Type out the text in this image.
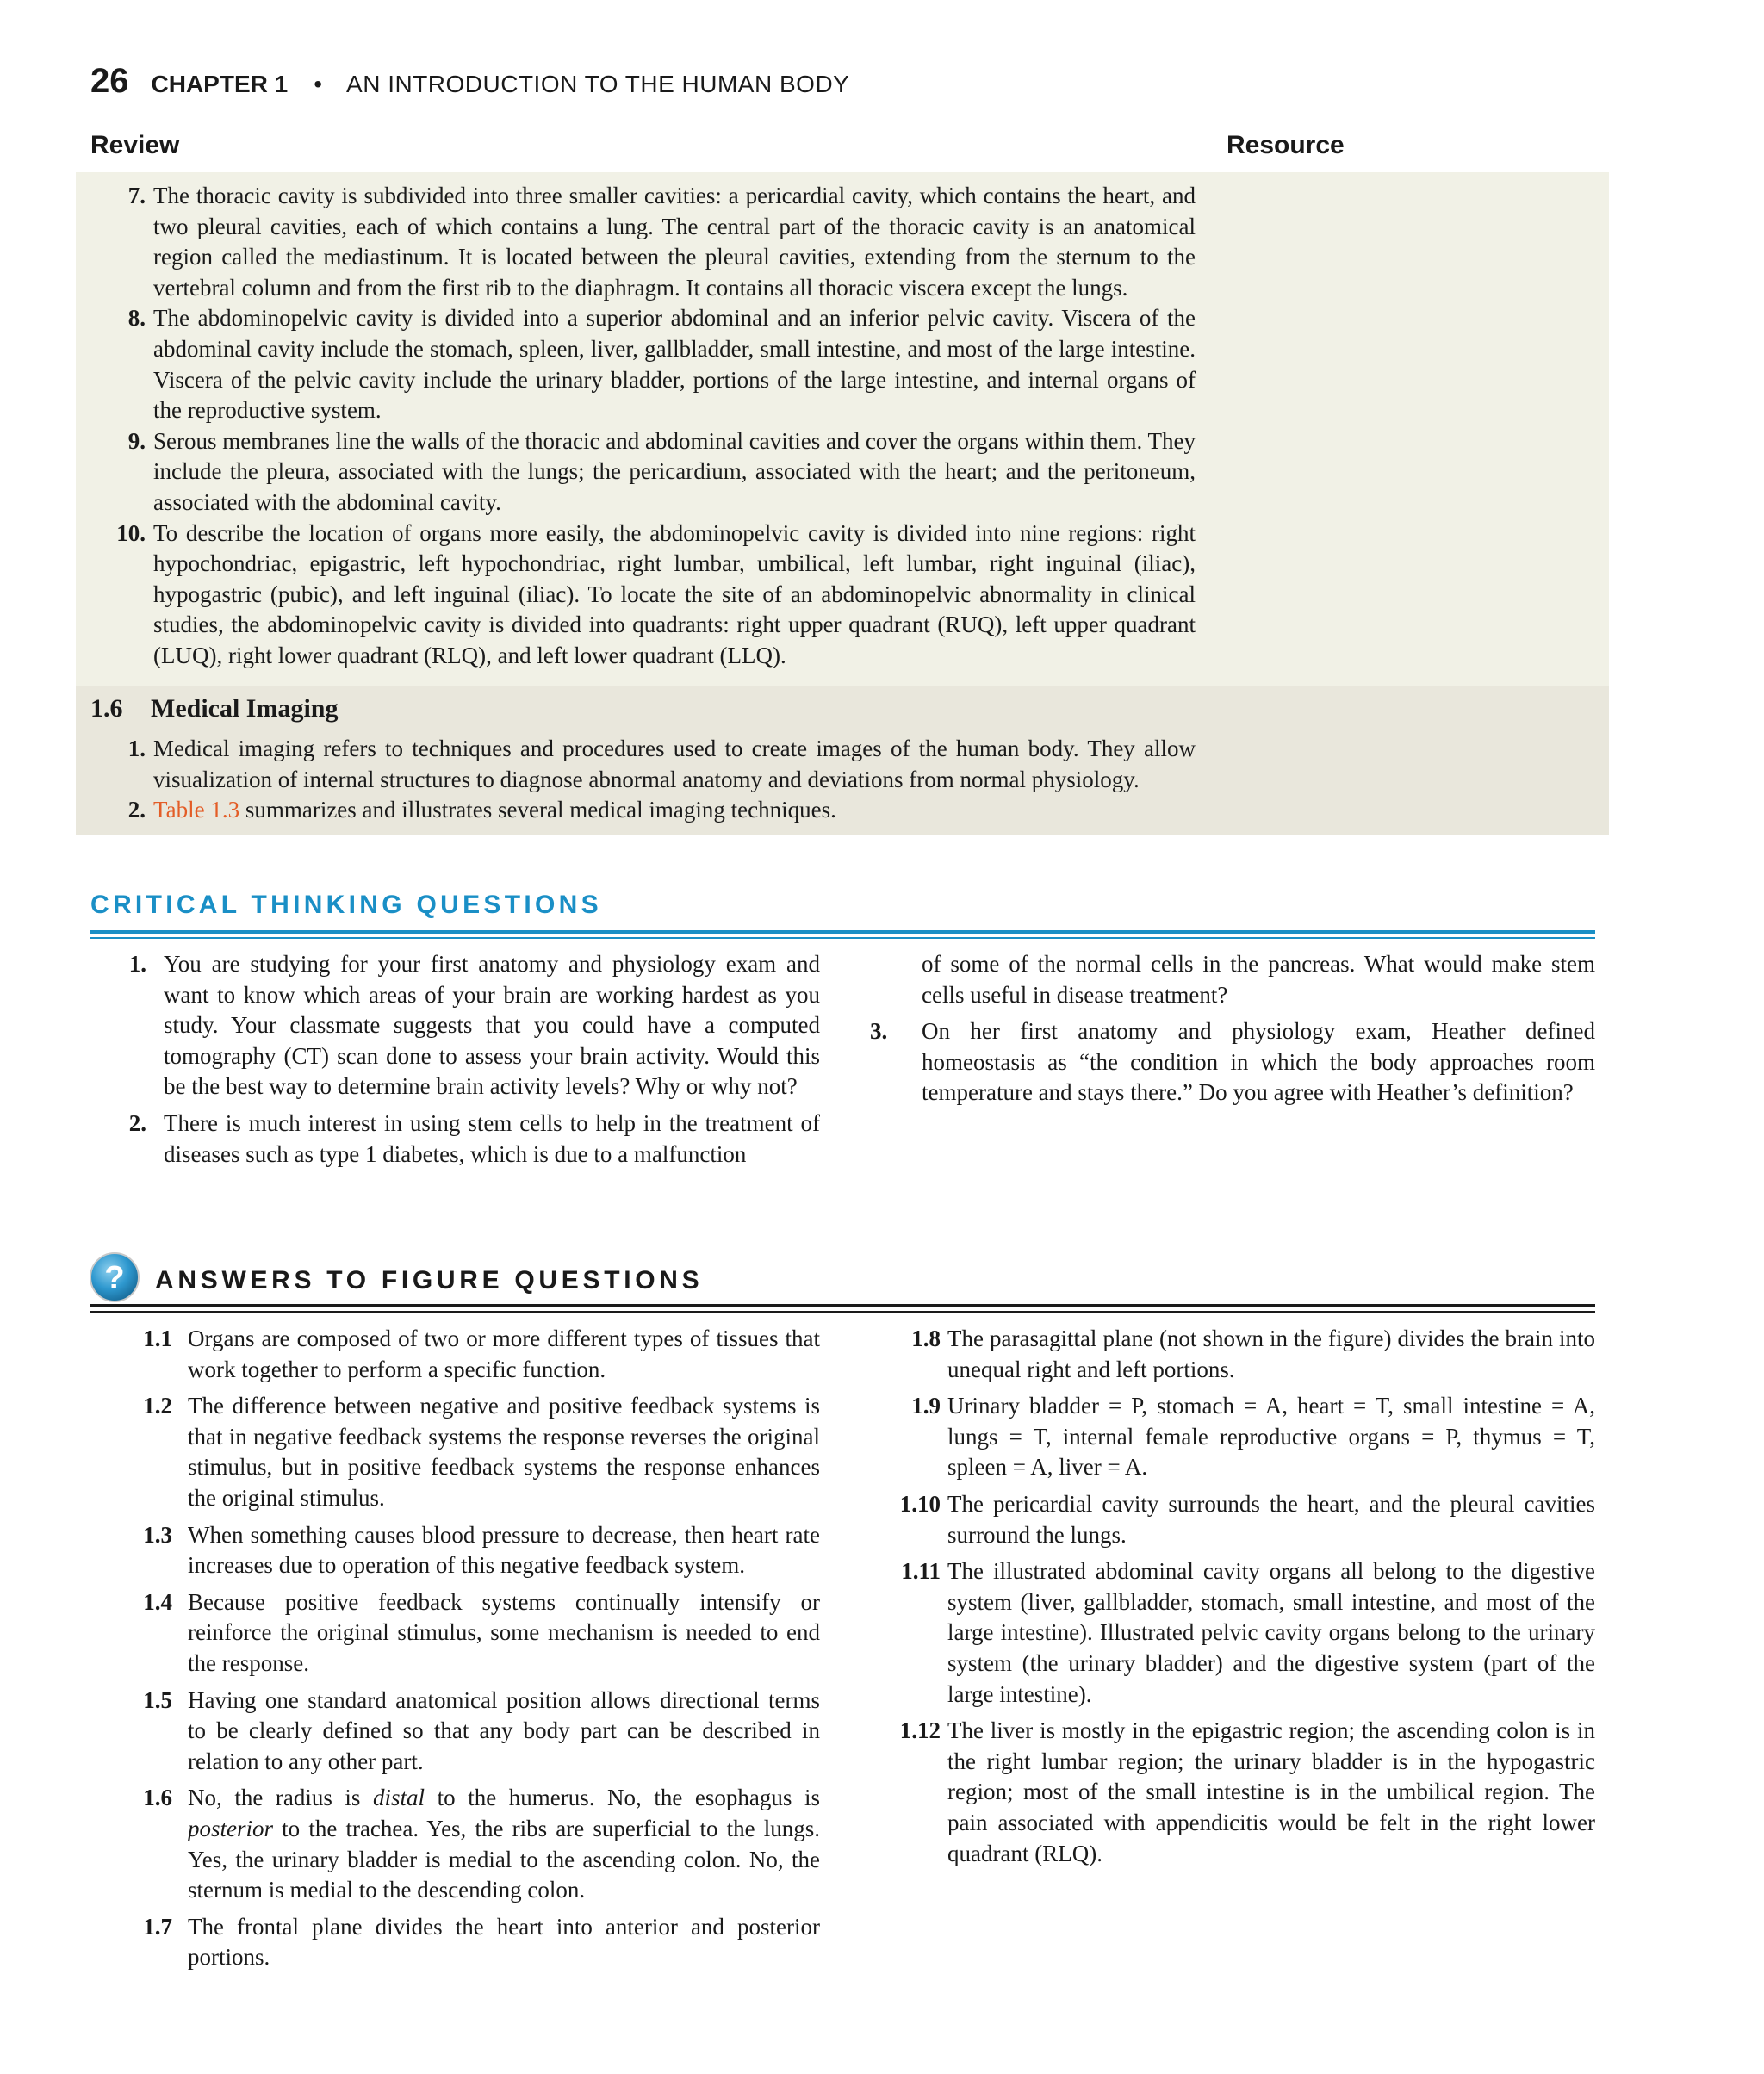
26 CHAPTER 1 • AN INTRODUCTION TO THE HUMAN BODY
Review	Resource
7. The thoracic cavity is subdivided into three smaller cavities: a pericardial cavity, which contains the heart, and two pleural cavities, each of which contains a lung. The central part of the thoracic cavity is an anatomical region called the mediastinum. It is located between the pleural cavities, extending from the sternum to the vertebral column and from the first rib to the diaphragm. It contains all thoracic viscera except the lungs.
8. The abdominopelvic cavity is divided into a superior abdominal and an inferior pelvic cavity. Viscera of the abdominal cavity include the stomach, spleen, liver, gallbladder, small intestine, and most of the large intestine. Viscera of the pelvic cavity include the urinary bladder, portions of the large intestine, and internal organs of the reproductive system.
9. Serous membranes line the walls of the thoracic and abdominal cavities and cover the organs within them. They include the pleura, associated with the lungs; the pericardium, associated with the heart; and the peritoneum, associated with the abdominal cavity.
10. To describe the location of organs more easily, the abdominopelvic cavity is divided into nine regions: right hypochondriac, epigastric, left hypochondriac, right lumbar, umbilical, left lumbar, right inguinal (iliac), hypogastric (pubic), and left inguinal (iliac). To locate the site of an abdominopelvic abnormality in clinical studies, the abdominopelvic cavity is divided into quadrants: right upper quadrant (RUQ), left upper quadrant (LUQ), right lower quadrant (RLQ), and left lower quadrant (LLQ).
1.6 Medical Imaging
1. Medical imaging refers to techniques and procedures used to create images of the human body. They allow visualization of internal structures to diagnose abnormal anatomy and deviations from normal physiology.
2. Table 1.3 summarizes and illustrates several medical imaging techniques.
CRITICAL THINKING QUESTIONS
1. You are studying for your first anatomy and physiology exam and want to know which areas of your brain are working hardest as you study. Your classmate suggests that you could have a computed tomography (CT) scan done to assess your brain activity. Would this be the best way to determine brain activity levels? Why or why not?
2. There is much interest in using stem cells to help in the treatment of diseases such as type 1 diabetes, which is due to a malfunction
of some of the normal cells in the pancreas. What would make stem cells useful in disease treatment?
3.	On her first anatomy and physiology exam, Heather defined homeostasis as “the condition in which the body approaches room temperature and stays there.” Do you agree with Heather’s definition?
? ANSWERS TO FIGURE QUESTIONS
1.1 Organs are composed of two or more different types of tissues that work together to perform a specific function.
1.2 The difference between negative and positive feedback systems is that in negative feedback systems the response reverses the original stimulus, but in positive feedback systems the response enhances the original stimulus.
1.3 When something causes blood pressure to decrease, then heart rate increases due to operation of this negative feedback system.
1.4 Because positive feedback systems continually intensify or reinforce the original stimulus, some mechanism is needed to end the response.
1.5 Having one standard anatomical position allows directional terms to be clearly defined so that any body part can be described in relation to any other part.
1.6 No, the radius is distal to the humerus. No, the esophagus is posterior to the trachea. Yes, the ribs are superficial to the lungs. Yes, the urinary bladder is medial to the ascending colon. No, the sternum is medial to the descending colon.
1.7 The frontal plane divides the heart into anterior and posterior portions.
1.8 The parasagittal plane (not shown in the figure) divides the brain into unequal right and left portions.
1.9 Urinary bladder = P, stomach = A, heart = T, small intestine = A, lungs = T, internal female reproductive organs = P, thymus = T, spleen = A, liver = A.
1.10 The pericardial cavity surrounds the heart, and the pleural cavities surround the lungs.
1.11 The illustrated abdominal cavity organs all belong to the digestive system (liver, gallbladder, stomach, small intestine, and most of the large intestine). Illustrated pelvic cavity organs belong to the urinary system (the urinary bladder) and the digestive system (part of the large intestine).
1.12 The liver is mostly in the epigastric region; the ascending colon is in the right lumbar region; the urinary bladder is in the hypogastric region; most of the small intestine is in the umbilical region. The pain associated with appendicitis would be felt in the right lower quadrant (RLQ).
